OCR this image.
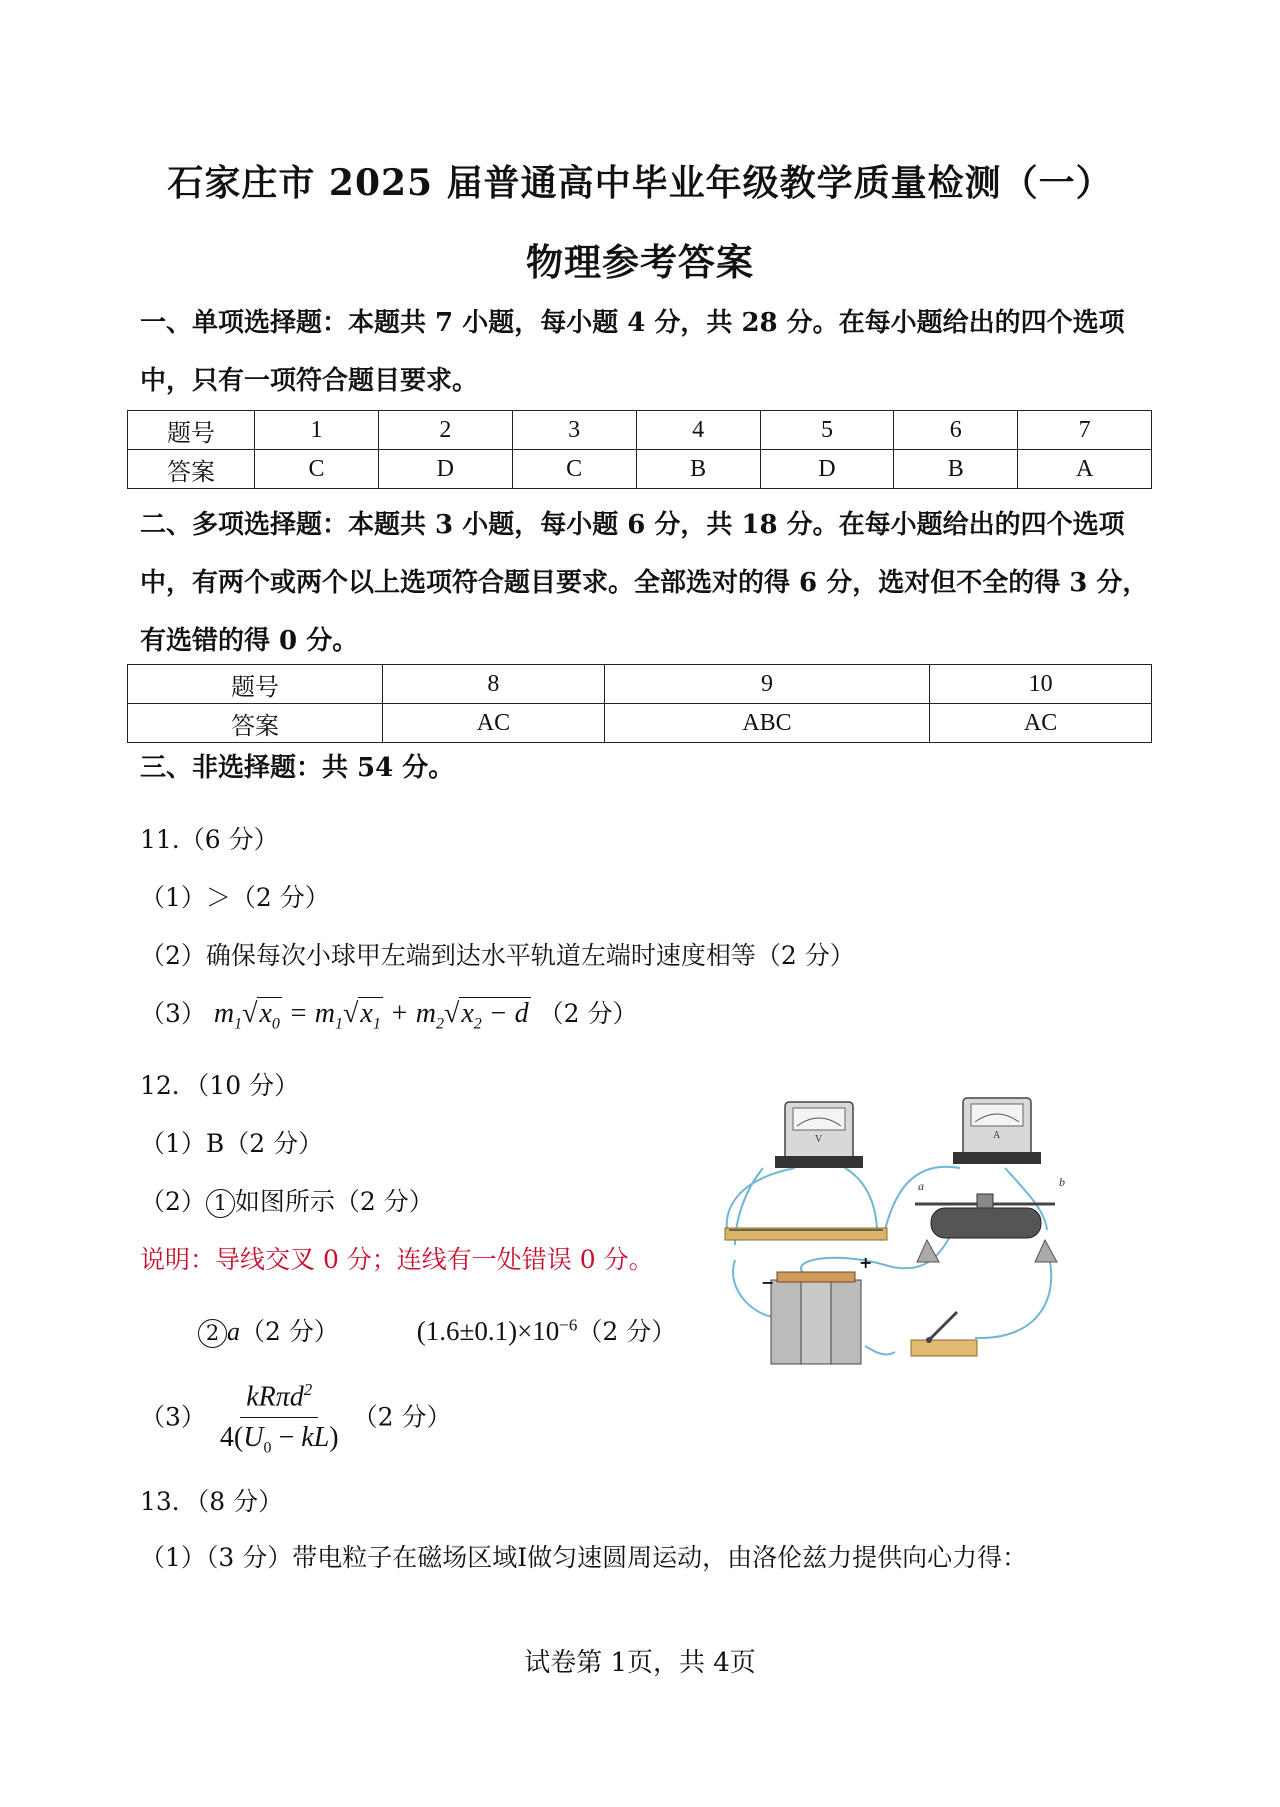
石家庄市 2025 届普通高中毕业年级教学质量检测（一）
物理参考答案
一、单项选择题：本题共 7 小题，每小题 4 分，共 28 分。在每小题给出的四个选项中，只有一项符合题目要求。
题号	1	2	3	4	5	6	7
答案	C	D	C	B	D	B	A
二、多项选择题：本题共 3 小题，每小题 6 分，共 18 分。在每小题给出的四个选项中，有两个或两个以上选项符合题目要求。全部选对的得 6 分，选对但不全的得 3 分，有选错的得 0 分。
题号	8	9	10
答案	AC	ABC	AC
三、非选择题：共 54 分。
11.（6 分）
（1）＞（2 分）
（2）确保每次小球甲左端到达水平轨道左端时速度相等（2 分）
（3） $m_1√x_0 = m_1√x_1 + m_2√x_2 - d$ （2 分）
12．（10 分）
（1）B（2 分）
（2） 1 如图所示（2 分）
说明：导线交叉 0 分；连线有一处错误 0 分。
2 a（2 分）	$(1.6\pm 0.1)\times 10^{-6}(2$ 分）
$(3) \frac{kR\pi d^2}{4(U_0 - kL)} (2$ 分）
13．（8 分）
（1）（3 分）带电粒子在磁场区域Ⅰ做匀速圆周运动，由洛伦兹力提供向心力得：
V	A
a	b
−
+
试卷第 1页，共 4页
